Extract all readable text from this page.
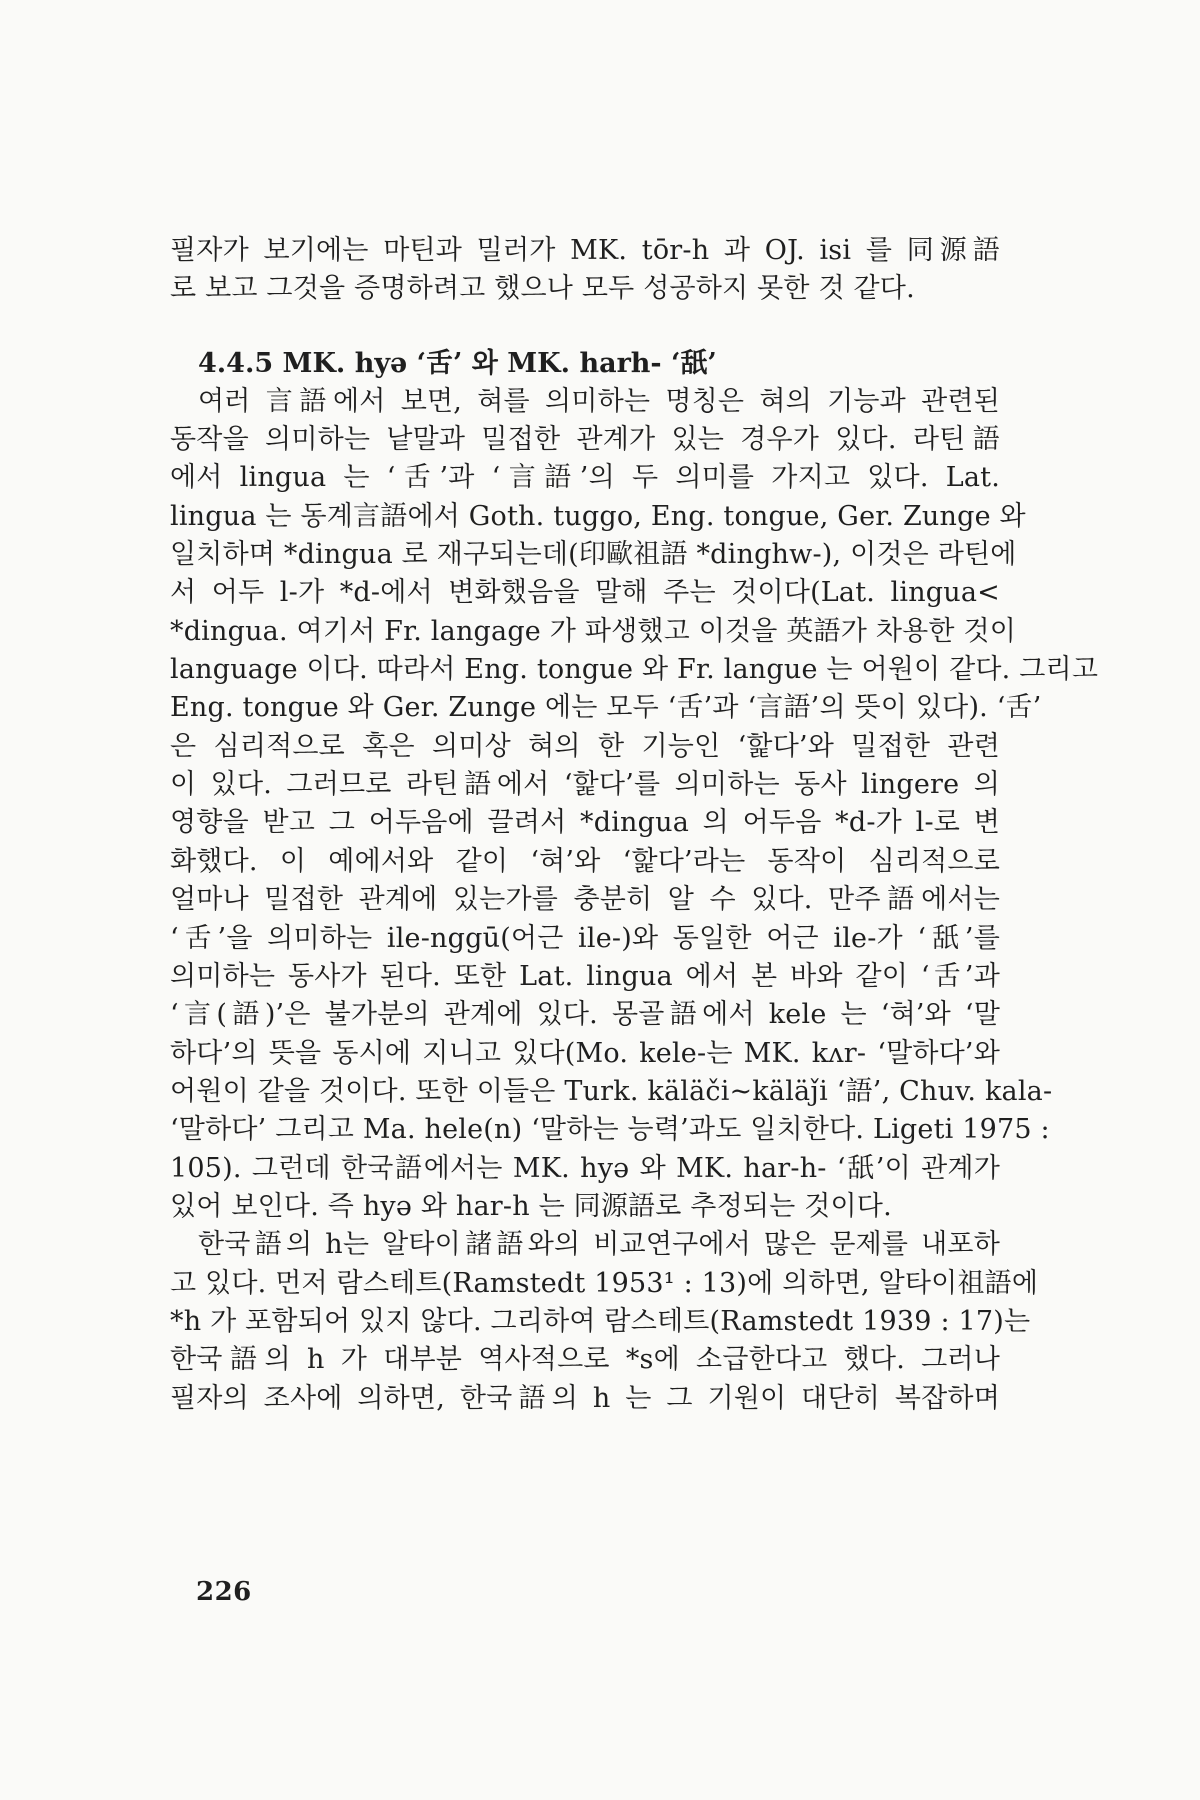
필자가 보기에는 마틴과 밀러가 MK. tōr-h 과 OJ. isi 를 同源語
로 보고 그것을 증명하려고 했으나 모두 성공하지 못한 것 같다.
4.4.5 MK. hyə ‘舌’ 와 MK. harh- ‘舐’
여러 言語에서 보면, 혀를 의미하는 명칭은 혀의 기능과 관련된
동작을 의미하는 낱말과 밀접한 관계가 있는 경우가 있다. 라틴語
에서 lingua 는 ‘舌’과 ‘言語’의 두 의미를 가지고 있다. Lat.
lingua 는 동계言語에서 Goth. tuggo, Eng. tongue, Ger. Zunge 와
일치하며 *dingua 로 재구되는데(印歐祖語 *dinghw-), 이것은 라틴에
서 어두 l-가 *d-에서 변화했음을 말해 주는 것이다(Lat. lingua<
*dingua. 여기서 Fr. langage 가 파생했고 이것을 英語가 차용한 것이
language 이다. 따라서 Eng. tongue 와 Fr. langue 는 어원이 같다. 그리고
Eng. tongue 와 Ger. Zunge 에는 모두 ‘舌’과 ‘言語’의 뜻이 있다). ‘舌’
은 심리적으로 혹은 의미상 혀의 한 기능인 ‘핥다’와 밀접한 관련
이 있다. 그러므로 라틴語에서 ‘핥다’를 의미하는 동사 lingere 의
영향을 받고 그 어두음에 끌려서 *dingua 의 어두음 *d-가 l-로 변
화했다. 이 예에서와 같이 ‘혀’와 ‘핥다’라는 동작이 심리적으로
얼마나 밀접한 관계에 있는가를 충분히 알 수 있다. 만주語에서는
‘舌’을 의미하는 ile-nggū(어근 ile-)와 동일한 어근 ile-가 ‘舐’를
의미하는 동사가 된다. 또한 Lat. lingua 에서 본 바와 같이 ‘舌’과
‘言(語)’은 불가분의 관계에 있다. 몽골語에서 kele 는 ‘혀’와 ‘말
하다’의 뜻을 동시에 지니고 있다(Mo. kele-는 MK. kʌr- ‘말하다’와
어원이 같을 것이다. 또한 이들은 Turk. käläči~käläǰi ‘語’, Chuv. kala-
‘말하다’ 그리고 Ma. hele(n) ‘말하는 능력’과도 일치한다. Ligeti 1975 :
105). 그런데 한국語에서는 MK. hyə 와 MK. har-h- ‘舐’이 관계가
있어 보인다. 즉 hyə 와 har-h 는 同源語로 추정되는 것이다.
한국語의 h는 알타이諸語와의 비교연구에서 많은 문제를 내포하
고 있다. 먼저 람스테트(Ramstedt 1953¹ : 13)에 의하면, 알타이祖語에
*h 가 포함되어 있지 않다. 그리하여 람스테트(Ramstedt 1939 : 17)는
한국語의 h 가 대부분 역사적으로 *s에 소급한다고 했다. 그러나
필자의 조사에 의하면, 한국語의 h 는 그 기원이 대단히 복잡하며
226
